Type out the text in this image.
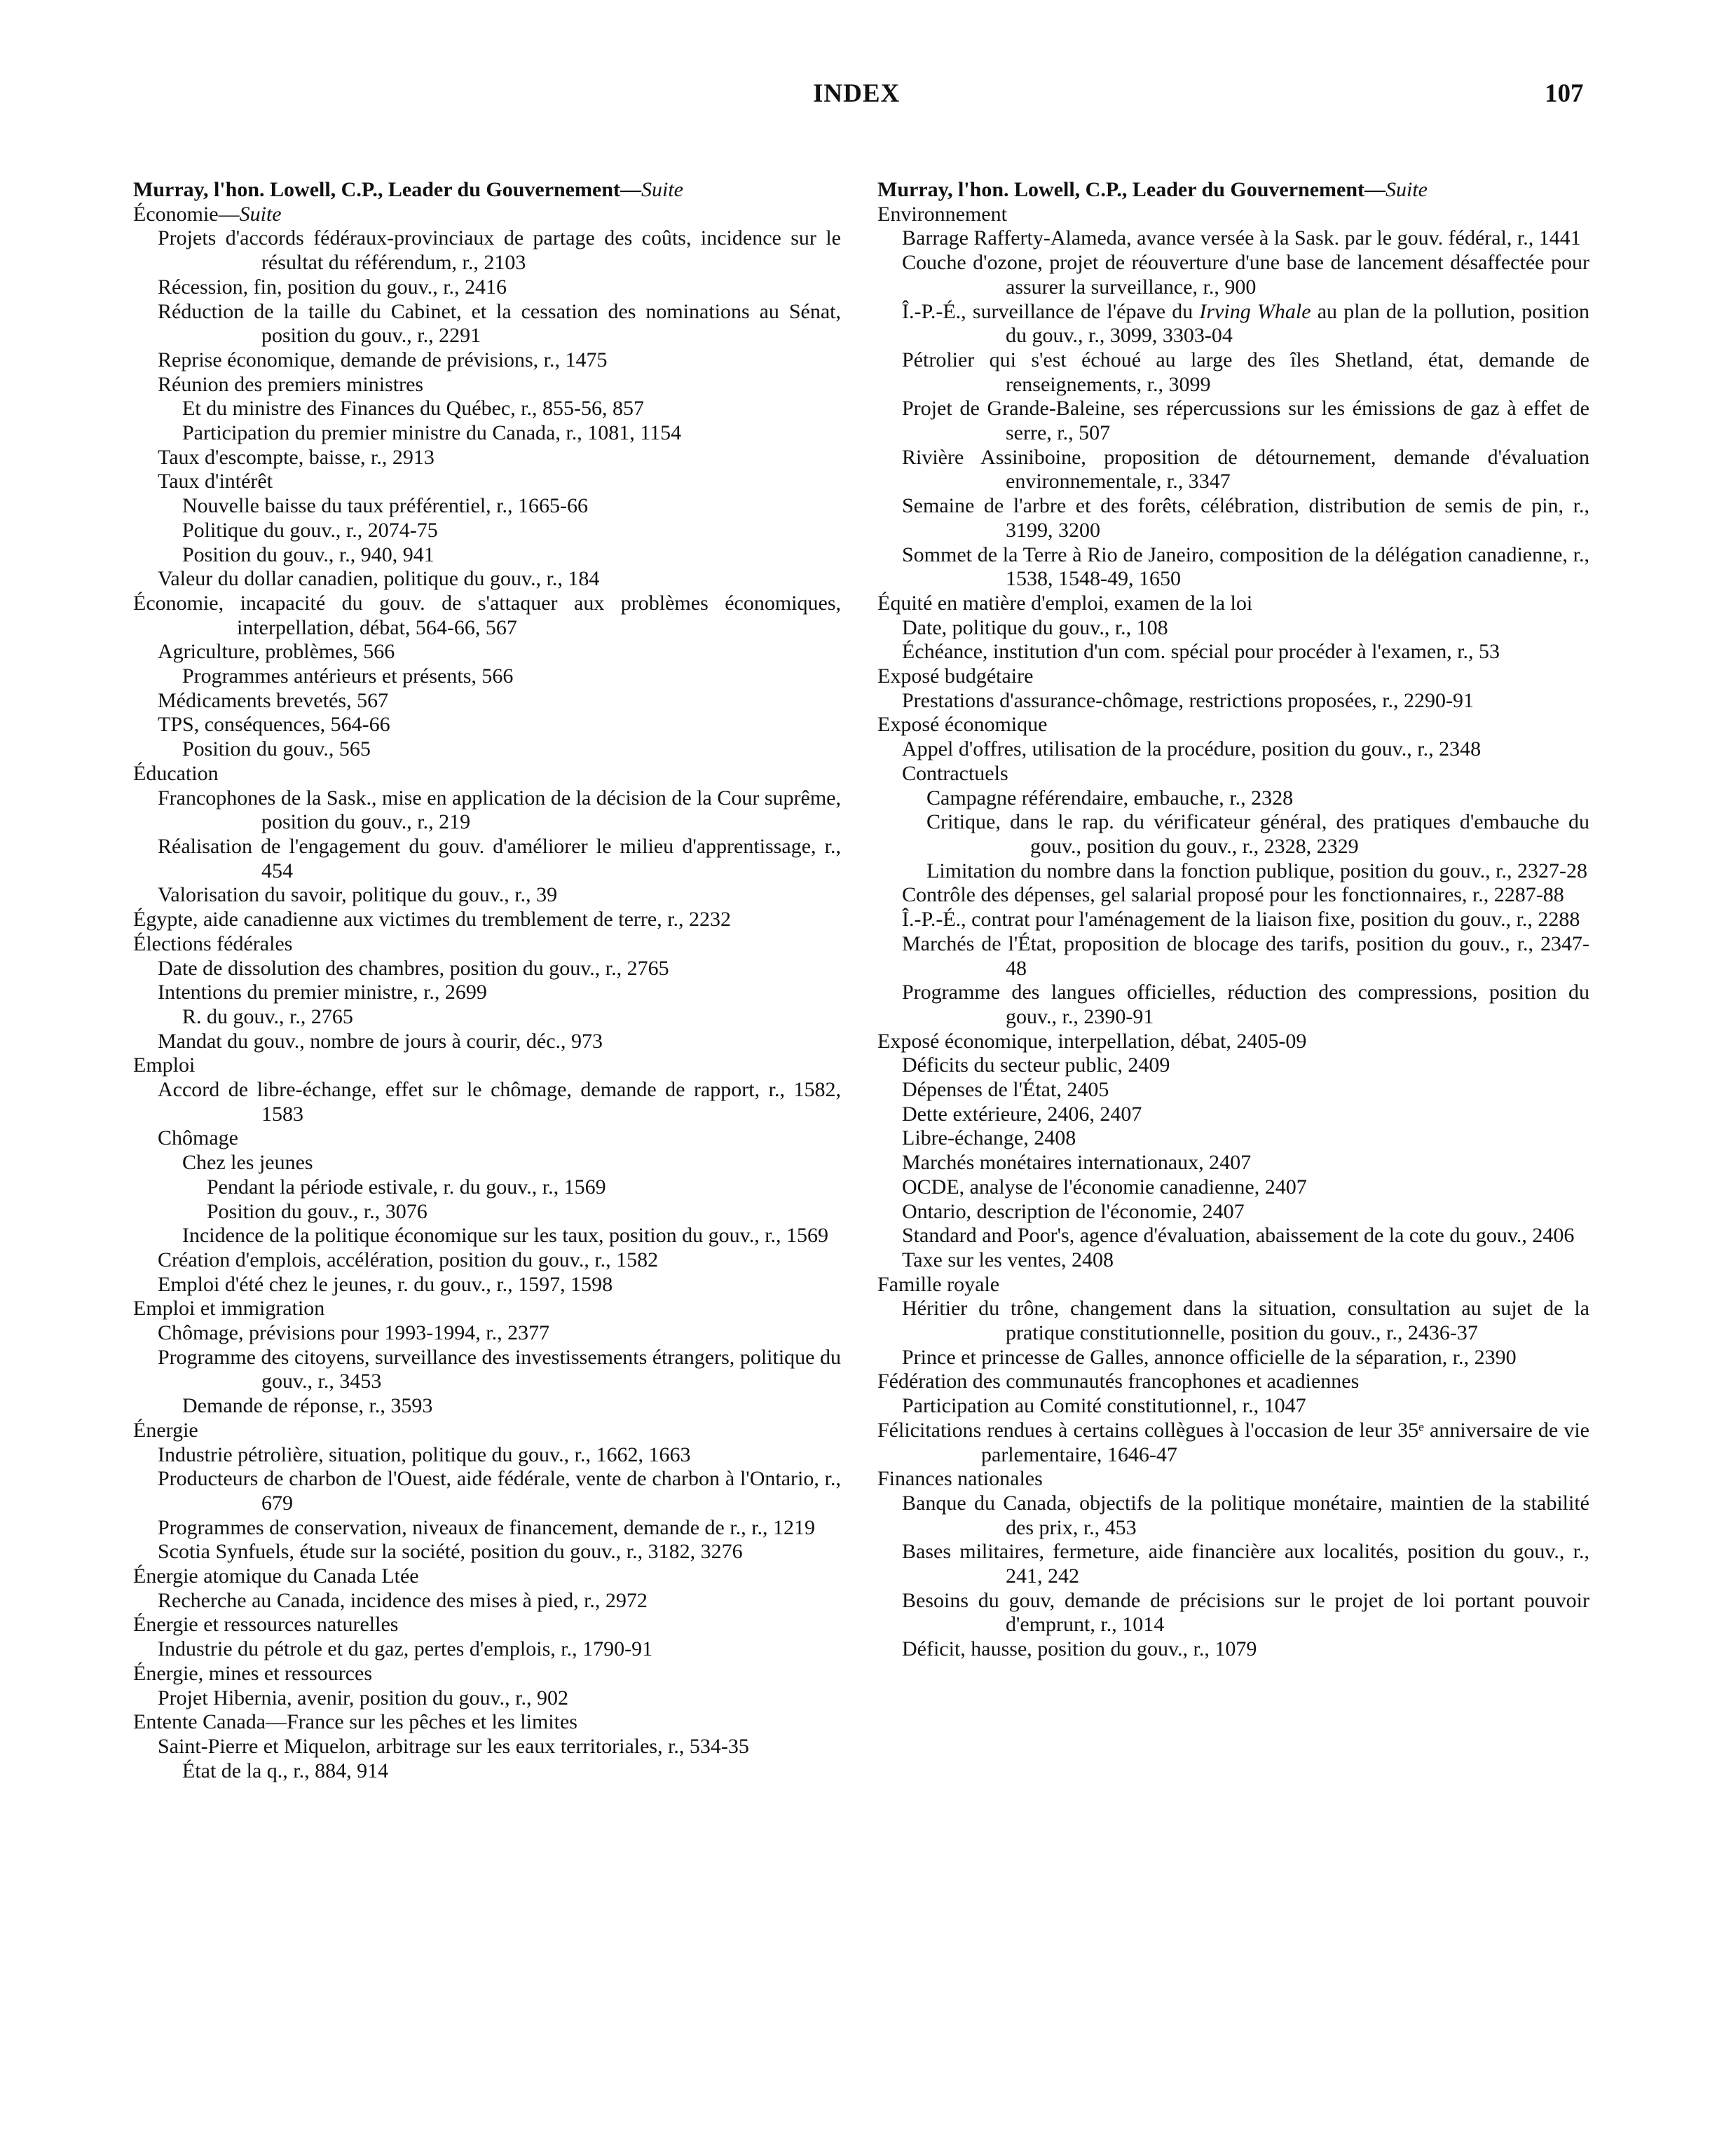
INDEX	107
Murray, l'hon. Lowell, C.P., Leader du Gouvernement—Suite
Économie—Suite
Projets d'accords fédéraux-provinciaux de partage des coûts, incidence sur le résultat du référendum, r., 2103
Récession, fin, position du gouv., r., 2416
Réduction de la taille du Cabinet, et la cessation des nominations au Sénat, position du gouv., r., 2291
Reprise économique, demande de prévisions, r., 1475
Réunion des premiers ministres
Et du ministre des Finances du Québec, r., 855-56, 857
Participation du premier ministre du Canada, r., 1081, 1154
Taux d'escompte, baisse, r., 2913
Taux d'intérêt
Nouvelle baisse du taux préférentiel, r., 1665-66
Politique du gouv., r., 2074-75
Position du gouv., r., 940, 941
Valeur du dollar canadien, politique du gouv., r., 184
Économie, incapacité du gouv. de s'attaquer aux problèmes économiques, interpellation, débat, 564-66, 567
Agriculture, problèmes, 566
Programmes antérieurs et présents, 566
Médicaments brevetés, 567
TPS, conséquences, 564-66
Position du gouv., 565
Éducation
Francophones de la Sask., mise en application de la décision de la Cour suprême, position du gouv., r., 219
Réalisation de l'engagement du gouv. d'améliorer le milieu d'apprentissage, r., 454
Valorisation du savoir, politique du gouv., r., 39
Égypte, aide canadienne aux victimes du tremblement de terre, r., 2232
Élections fédérales
Date de dissolution des chambres, position du gouv., r., 2765
Intentions du premier ministre, r., 2699
R. du gouv., r., 2765
Mandat du gouv., nombre de jours à courir, déc., 973
Emploi
Accord de libre-échange, effet sur le chômage, demande de rapport, r., 1582, 1583
Chômage
Chez les jeunes
Pendant la période estivale, r. du gouv., r., 1569
Position du gouv., r., 3076
Incidence de la politique économique sur les taux, position du gouv., r., 1569
Création d'emplois, accélération, position du gouv., r., 1582
Emploi d'été chez le jeunes, r. du gouv., r., 1597, 1598
Emploi et immigration
Chômage, prévisions pour 1993-1994, r., 2377
Programme des citoyens, surveillance des investissements étrangers, politique du gouv., r., 3453
Demande de réponse, r., 3593
Énergie
Industrie pétrolière, situation, politique du gouv., r., 1662, 1663
Producteurs de charbon de l'Ouest, aide fédérale, vente de charbon à l'Ontario, r., 679
Programmes de conservation, niveaux de financement, demande de r., r., 1219
Scotia Synfuels, étude sur la société, position du gouv., r., 3182, 3276
Énergie atomique du Canada Ltée
Recherche au Canada, incidence des mises à pied, r., 2972
Énergie et ressources naturelles
Industrie du pétrole et du gaz, pertes d'emplois, r., 1790-91
Énergie, mines et ressources
Projet Hibernia, avenir, position du gouv., r., 902
Entente Canada—France sur les pêches et les limites
Saint-Pierre et Miquelon, arbitrage sur les eaux territoriales, r., 534-35
État de la q., r., 884, 914
Murray, l'hon. Lowell, C.P., Leader du Gouvernement—Suite
Environnement
Barrage Rafferty-Alameda, avance versée à la Sask. par le gouv. fédéral, r., 1441
Couche d'ozone, projet de réouverture d'une base de lancement désaffectée pour assurer la surveillance, r., 900
Î.-P.-É., surveillance de l'épave du Irving Whale au plan de la pollution, position du gouv., r., 3099, 3303-04
Pétrolier qui s'est échoué au large des îles Shetland, état, demande de renseignements, r., 3099
Projet de Grande-Baleine, ses répercussions sur les émissions de gaz à effet de serre, r., 507
Rivière Assiniboine, proposition de détournement, demande d'évaluation environnementale, r., 3347
Semaine de l'arbre et des forêts, célébration, distribution de semis de pin, r., 3199, 3200
Sommet de la Terre à Rio de Janeiro, composition de la délégation canadienne, r., 1538, 1548-49, 1650
Équité en matière d'emploi, examen de la loi
Date, politique du gouv., r., 108
Échéance, institution d'un com. spécial pour procéder à l'examen, r., 53
Exposé budgétaire
Prestations d'assurance-chômage, restrictions proposées, r., 2290-91
Exposé économique
Appel d'offres, utilisation de la procédure, position du gouv., r., 2348
Contractuels
Campagne référendaire, embauche, r., 2328
Critique, dans le rap. du vérificateur général, des pratiques d'embauche du gouv., position du gouv., r., 2328, 2329
Limitation du nombre dans la fonction publique, position du gouv., r., 2327-28
Contrôle des dépenses, gel salarial proposé pour les fonctionnaires, r., 2287-88
Î.-P.-É., contrat pour l'aménagement de la liaison fixe, position du gouv., r., 2288
Marchés de l'État, proposition de blocage des tarifs, position du gouv., r., 2347-48
Programme des langues officielles, réduction des compressions, position du gouv., r., 2390-91
Exposé économique, interpellation, débat, 2405-09
Déficits du secteur public, 2409
Dépenses de l'État, 2405
Dette extérieure, 2406, 2407
Libre-échange, 2408
Marchés monétaires internationaux, 2407
OCDE, analyse de l'économie canadienne, 2407
Ontario, description de l'économie, 2407
Standard and Poor's, agence d'évaluation, abaissement de la cote du gouv., 2406
Taxe sur les ventes, 2408
Famille royale
Héritier du trône, changement dans la situation, consultation au sujet de la pratique constitutionnelle, position du gouv., r., 2436-37
Prince et princesse de Galles, annonce officielle de la séparation, r., 2390
Fédération des communautés francophones et acadiennes
Participation au Comité constitutionnel, r., 1047
Félicitations rendues à certains collègues à l'occasion de leur 35ᵉ anniversaire de vie parlementaire, 1646-47
Finances nationales
Banque du Canada, objectifs de la politique monétaire, maintien de la stabilité des prix, r., 453
Bases militaires, fermeture, aide financière aux localités, position du gouv., r., 241, 242
Besoins du gouv, demande de précisions sur le projet de loi portant pouvoir d'emprunt, r., 1014
Déficit, hausse, position du gouv., r., 1079
